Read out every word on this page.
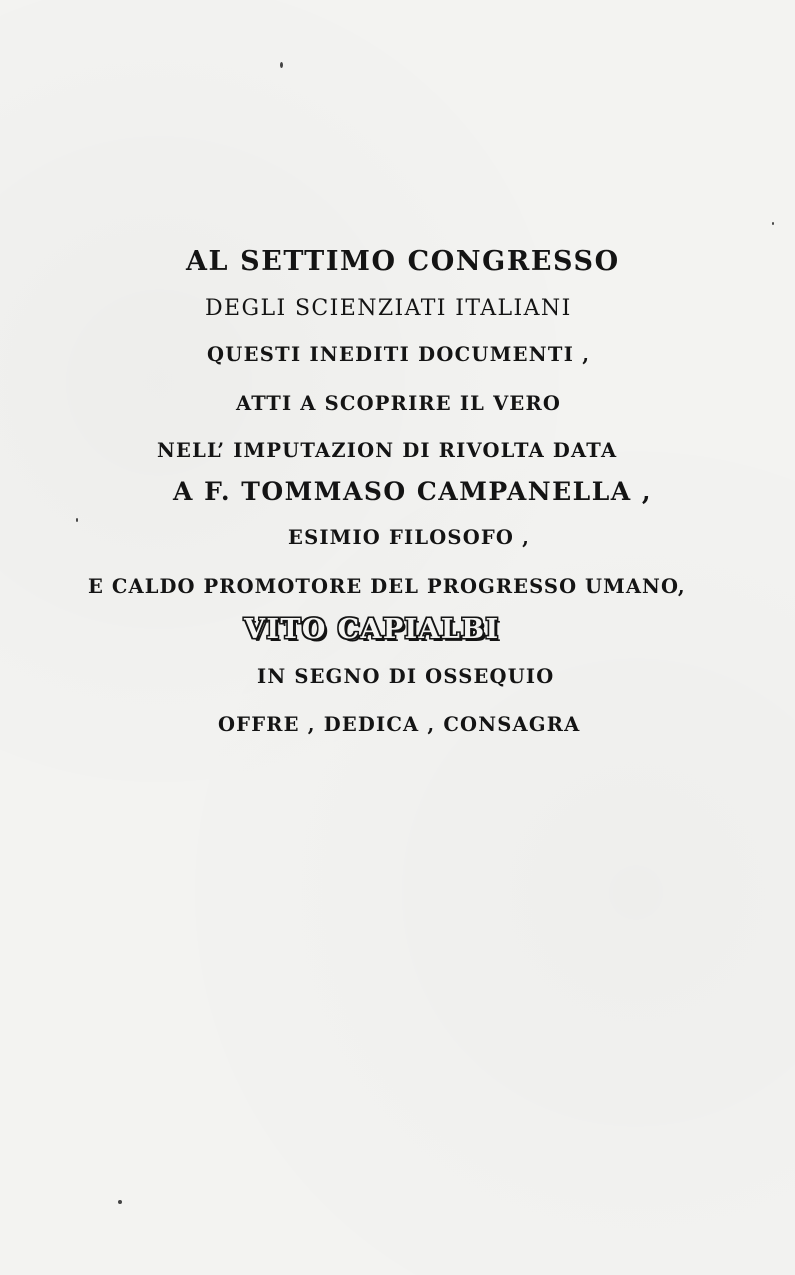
AL SETTIMO CONGRESSO
DEGLI SCIENZIATI ITALIANI
QUESTI INEDITI DOCUMENTI ,
ATTI A SCOPRIRE IL VERO
NELL’ IMPUTAZION DI RIVOLTA DATA
A F. TOMMASO CAMPANELLA ,
ESIMIO FILOSOFO ,
E CALDO PROMOTORE DEL PROGRESSO UMANO,
VITO CAPIALBI
IN SEGNO DI OSSEQUIO
OFFRE , DEDICA , CONSAGRA
